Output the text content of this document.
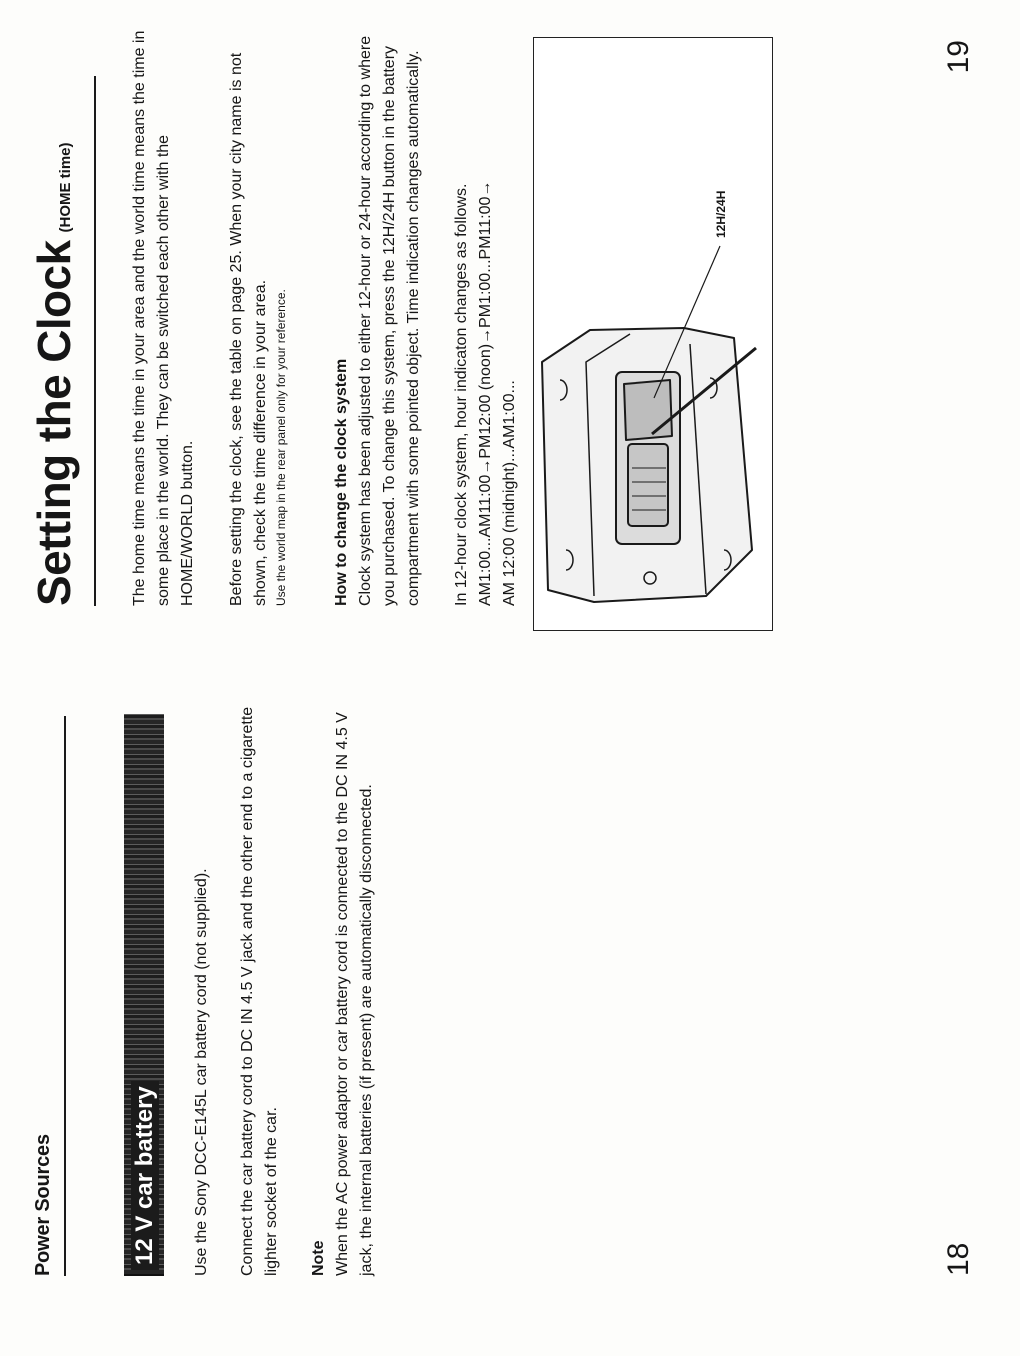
Power Sources	12 V car battery Use the Sony DCC-E145L car battery cord (not supplied). Connect the car battery cord to DC IN 4.5 V jack and the other end to a cigarette lighter socket of the car. Note When the AC power adaptor or car battery cord is connected to the DC IN 4.5 V jack, the internal batteries (if present) are automatically disconnected.	18
Setting the Clock(HOME time)	The home time means the time in your area and the world time means the time in some place in the world. They can be switched each other with the HOME/WORLD button. Before setting the clock, see the table on page 25. When your city name is not shown, check the time difference in your area. Use the world map in the rear panel only for your reference.	How to change the clock system Clock system has been adjusted to either 12-hour or 24-hour according to where you purchased. To change this system, press the 12H/24H button in the battery compartment with some pointed object. Time indication changes automatically. In 12-hour clock system, hour indicaton changes as follows. AM1:00...AM11:00→PM12:00 (noon)→PM1:00...PM11:00→ AM 12:00 (midnight)...AM1:00...
19
12H/24H
